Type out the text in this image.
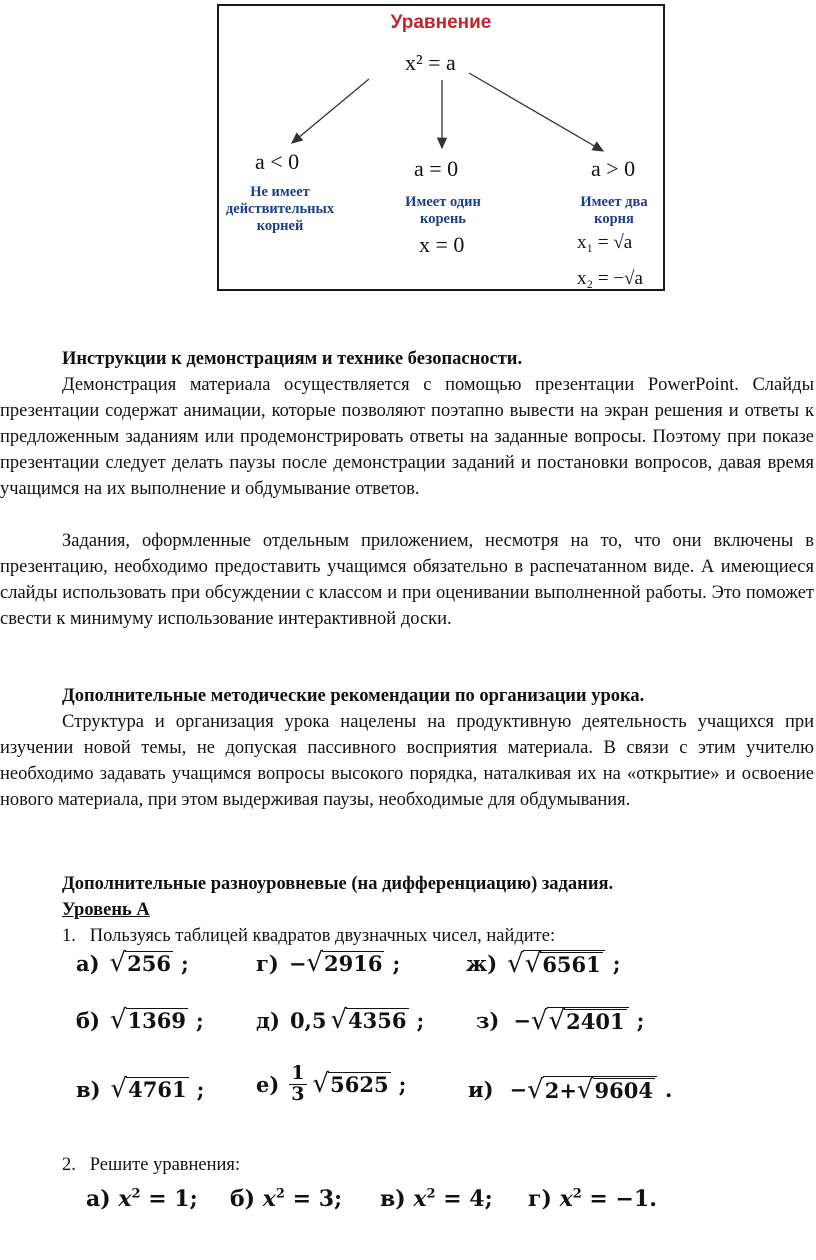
Уравнение
x² = a
a < 0
Не имеет
действительных
корней
a = 0
Имеет один
корень
x = 0
a > 0
Имеет два
корня
x₁ = √a
x₂ = −√a

Инструкции к демонстрациям и технике безопасности.

Демонстрация материала осуществляется с помощью презентации PowerPoint. Слайды презентации содержат анимации, которые позволяют поэтапно вывести на экран решения и ответы к предложенным заданиям или продемонстрировать ответы на заданные вопросы. Поэтому при показе презентации следует делать паузы после демонстрации заданий и постановки вопросов, давая время учащимся на их выполнение и обдумывание ответов.

Задания, оформленные отдельным приложением, несмотря на то, что они включены в презентацию, необходимо предоставить учащимся обязательно в распечатанном виде. А имеющиеся слайды использовать при обсуждении с классом и при оценивании выполненной работы. Это поможет свести к минимуму использование интерактивной доски.

Дополнительные методические рекомендации по организации урока.

Структура и организация урока нацелены на продуктивную деятельность учащихся при изучении новой темы, не допуская пассивного восприятия материала. В связи с этим учителю необходимо задавать учащимся вопросы высокого порядка, наталкивая их на «открытие» и освоение нового материала, при этом выдерживая паузы, необходимые для обдумывания.

Дополнительные разноуровневые (на дифференциацию) задания.

Уровень А

1. Пользуясь таблицей квадратов двузначных чисел, найдите:
а) √ 256 ;	г) − √ 2916 ;	ж) √ √ 6561 ;
б) √ 1369 ; д) 0,5 √ 4356 ; з) − √ √ 2401 ;
в) √ 4761 ; $е) \frac{1}{3}$ √ 5625 ;	и) − √ 2+ √ 9604 .
2. Решите уравнения:
а) $x^2 = 1$; б) $x^2 = 3$; в) $x^2 = 4$; г) $x^2 = -1$.
